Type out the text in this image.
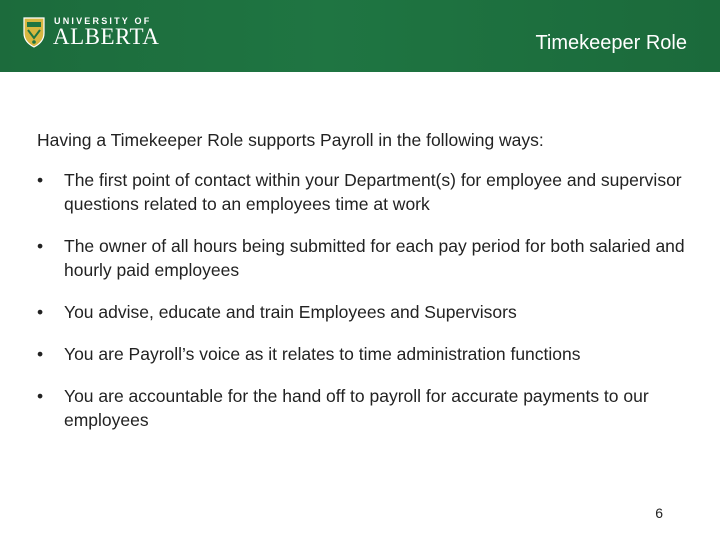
UNIVERSITY OF
ALBERTA	Timekeeper Role

Having a Timekeeper Role supports Payroll in the following ways:

• The first point of contact within your Department(s) for employee and supervisor questions related to an employees time at work
• The owner of all hours being submitted for each pay period for both salaried and hourly paid employees
• You advise, educate and train Employees and Supervisors
• You are Payroll’s voice as it relates to time administration functions
• You are accountable for the hand off to payroll for accurate payments to our employees
6
